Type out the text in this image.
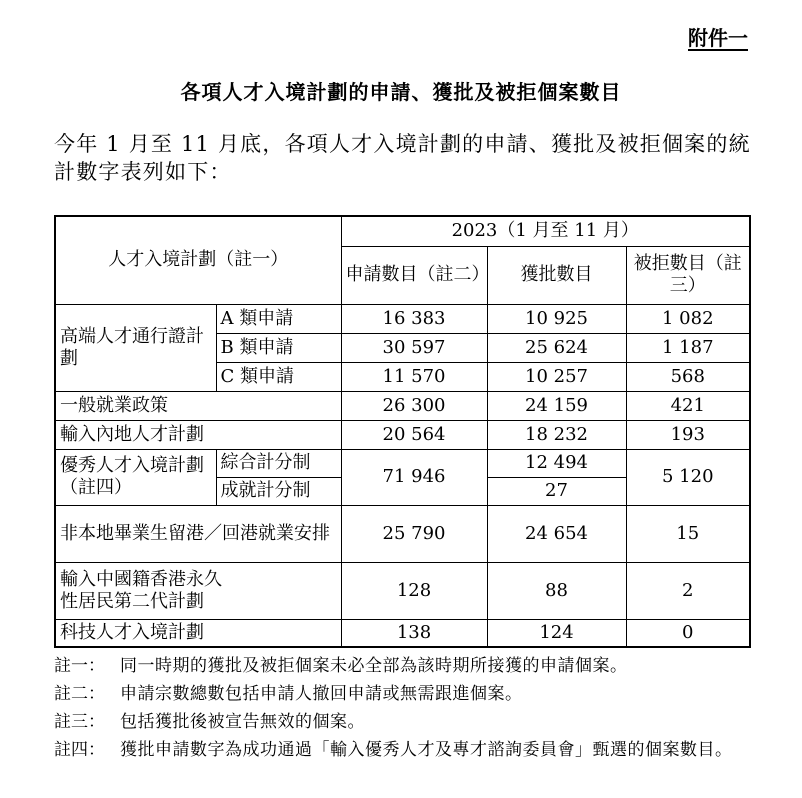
附件一
各項人才入境計劃的申請、獲批及被拒個案數目
今年 1 月至 11 月底，各項人才入境計劃的申請、獲批及被拒個案的統計數字表列如下：
人才入境計劃（註一）		2023（1 月至 11 月）		
		申請數目（註二）	獲批數目	被拒數目（註三）
高端人才通行證計劃	A 類申請	16 383	10 925	1 082
	B 類申請	30 597	25 624	1 187
	C 類申請	11 570	10 257	568
一般就業政策		26 300	24 159	421
輸入內地人才計劃		20 564	18 232	193
優秀人才入境計劃（註四）	綜合計分制	71 946	12 494	5 120
	成就計分制		27	
非本地畢業生留港／回港就業安排		25 790	24 654	15
輸入中國籍香港永久性居民第二代計劃		128	88	2
科技人才入境計劃		138	124	0
註一： 同一時期的獲批及被拒個案未必全部為該時期所接獲的申請個案。
註二： 申請宗數總數包括申請人撤回申請或無需跟進個案。
註三： 包括獲批後被宣告無效的個案。
註四： 獲批申請數字為成功通過「輸入優秀人才及專才諮詢委員會」甄選的個案數目。
